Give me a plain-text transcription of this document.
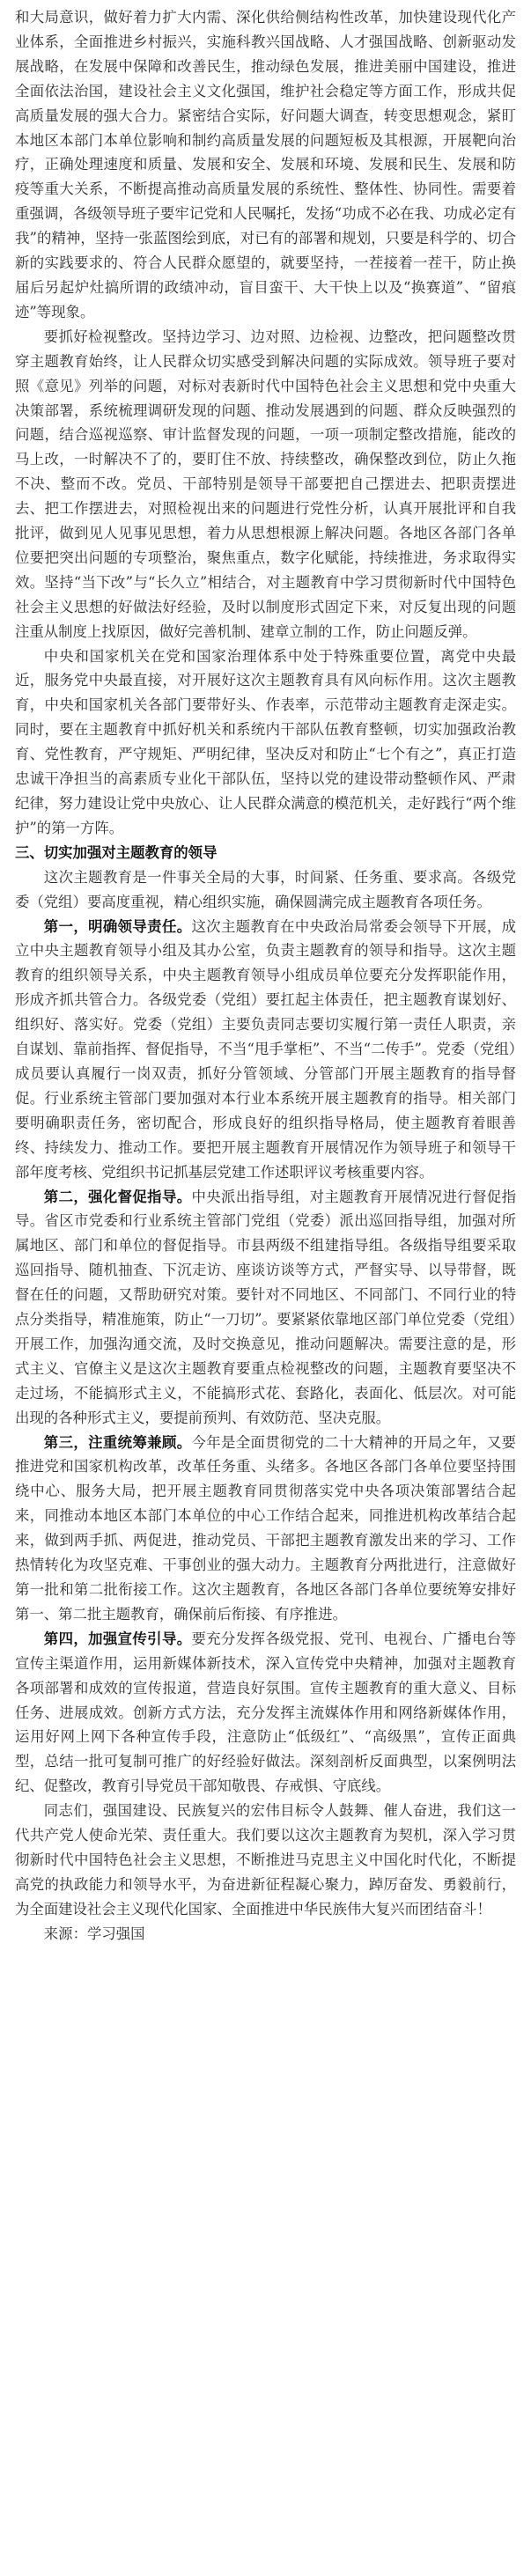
和大局意识，做好着力扩大内需、深化供给侧结构性改革，加快建设现代化产业体系，全面推进乡村振兴，实施科教兴国战略、人才强国战略、创新驱动发展战略，在发展中保障和改善民生，推动绿色发展，推进美丽中国建设，推进全面依法治国，建设社会主义文化强国，维护社会稳定等方面工作，形成共促高质量发展的强大合力。紧密结合实际，好问题大调查，转变思想观念，紧盯本地区本部门本单位影响和制约高质量发展的问题短板及其根源，开展靶向治疗，正确处理速度和质量、发展和安全、发展和环境、发展和民生、发展和防疫等重大关系，不断提高推动高质量发展的系统性、整体性、协同性。需要着重强调，各级领导班子要牢记党和人民嘱托，发扬“功成不必在我、功成必定有我”的精神，坚持一张蓝图绘到底，对已有的部署和规划，只要是科学的、切合新的实践要求的、符合人民群众愿望的，就要坚持，一茬接着一茬干，防止换届后另起炉灶搞所谓的政绩冲动，盲目蛮干、大干快上以及“换赛道”、“留痕迹”等现象。

要抓好检视整改。坚持边学习、边对照、边检视、边整改，把问题整改贯穿主题教育始终，让人民群众切实感受到解决问题的实际成效。领导班子要对照《意见》列举的问题，对标对表新时代中国特色社会主义思想和党中央重大决策部署，系统梳理调研发现的问题、推动发展遇到的问题、群众反映强烈的问题，结合巡视巡察、审计监督发现的问题，一项一项制定整改措施，能改的马上改，一时解决不了的，要盯住不放、持续整改，确保整改到位，防止久拖不决、整而不改。党员、干部特别是领导干部要把自己摆进去、把职责摆进去、把工作摆进去，对照检视出来的问题进行党性分析，认真开展批评和自我批评，做到见人见事见思想，着力从思想根源上解决问题。各地区各部门各单位要把突出问题的专项整治，聚焦重点，数字化赋能，持续推进，务求取得实效。坚持“当下改”与“长久立”相结合，对主题教育中学习贯彻新时代中国特色社会主义思想的好做法好经验，及时以制度形式固定下来，对反复出现的问题注重从制度上找原因，做好完善机制、建章立制的工作，防止问题反弹。

中央和国家机关在党和国家治理体系中处于特殊重要位置，离党中央最近，服务党中央最直接，对开展好这次主题教育具有风向标作用。这次主题教育，中央和国家机关各部门要带好头、作表率，示范带动主题教育走深走实。同时，要在主题教育中抓好机关和系统内干部队伍教育整顿，切实加强政治教育、党性教育，严守规矩、严明纪律，坚决反对和防止“七个有之”，真正打造忠诚干净担当的高素质专业化干部队伍，坚持以党的建设带动整顿作风、严肃纪律，努力建设让党中央放心、让人民群众满意的模范机关，走好践行“两个维护”的第一方阵。

三、切实加强对主题教育的领导

这次主题教育是一件事关全局的大事，时间紧、任务重、要求高。各级党委（党组）要高度重视，精心组织实施，确保圆满完成主题教育各项任务。

第一，明确领导责任。这次主题教育在中央政治局常委会领导下开展，成立中央主题教育领导小组及其办公室，负责主题教育的领导和指导。这次主题教育的组织领导关系，中央主题教育领导小组成员单位要充分发挥职能作用，形成齐抓共管合力。各级党委（党组）要扛起主体责任，把主题教育谋划好、组织好、落实好。党委（党组）主要负责同志要切实履行第一责任人职责，亲自谋划、靠前指挥、督促指导，不当“甩手掌柜”、不当“二传手”。党委（党组）成员要认真履行一岗双责，抓好分管领域、分管部门开展主题教育的指导督促。行业系统主管部门要加强对本行业本系统开展主题教育的指导。相关部门要明确职责任务，密切配合，形成良好的组织指导格局，使主题教育着眼善终、持续发力、推动工作。要把开展主题教育开展情况作为领导班子和领导干部年度考核、党组织书记抓基层党建工作述职评议考核重要内容。

第二，强化督促指导。中央派出指导组，对主题教育开展情况进行督促指导。省区市党委和行业系统主管部门党组（党委）派出巡回指导组，加强对所属地区、部门和单位的督促指导。市县两级不组建指导组。各级指导组要采取巡回指导、随机抽查、下沉走访、座谈访谈等方式，严督实导、以导带督，既督在任的问题，又帮助研究对策。要针对不同地区、不同部门、不同行业的特点分类指导，精准施策，防止“一刀切”。要紧紧依靠地区部门单位党委（党组）开展工作，加强沟通交流，及时交换意见，推动问题解决。需要注意的是，形式主义、官僚主义是这次主题教育要重点检视整改的问题，主题教育要坚决不走过场，不能搞形式主义，不能搞形式花、套路化，表面化、低层次。对可能出现的各种形式主义，要提前预判、有效防范、坚决克服。

第三，注重统筹兼顾。今年是全面贯彻党的二十大精神的开局之年，又要推进党和国家机构改革，改革任务重、头绪多。各地区各部门各单位要坚持围绕中心、服务大局，把开展主题教育同贯彻落实党中央各项决策部署结合起来，同推动本地区本部门本单位的中心工作结合起来，同推进机构改革结合起来，做到两手抓、两促进，推动党员、干部把主题教育激发出来的学习、工作热情转化为攻坚克难、干事创业的强大动力。主题教育分两批进行，注意做好第一批和第二批衔接工作。这次主题教育，各地区各部门各单位要统筹安排好第一、第二批主题教育，确保前后衔接、有序推进。

第四，加强宣传引导。要充分发挥各级党报、党刊、电视台、广播电台等宣传主渠道作用，运用新媒体新技术，深入宣传党中央精神，加强对主题教育各项部署和成效的宣传报道，营造良好氛围。宣传主题教育的重大意义、目标任务、进展成效。创新方式方法，充分发挥主流媒体作用和网络新媒体作用，运用好网上网下各种宣传手段，注意防止“低级红”、“高级黑”，宣传正面典型，总结一批可复制可推广的好经验好做法。深刻剖析反面典型，以案例明法纪、促整改，教育引导党员干部知敬畏、存戒惧、守底线。

同志们，强国建设、民族复兴的宏伟目标令人鼓舞、催人奋进，我们这一代共产党人使命光荣、责任重大。我们要以这次主题教育为契机，深入学习贯彻新时代中国特色社会主义思想，不断推进马克思主义中国化时代化，不断提高党的执政能力和领导水平，为奋进新征程凝心聚力，踔厉奋发、勇毅前行，为全面建设社会主义现代化国家、全面推进中华民族伟大复兴而团结奋斗！

来源：学习强国
